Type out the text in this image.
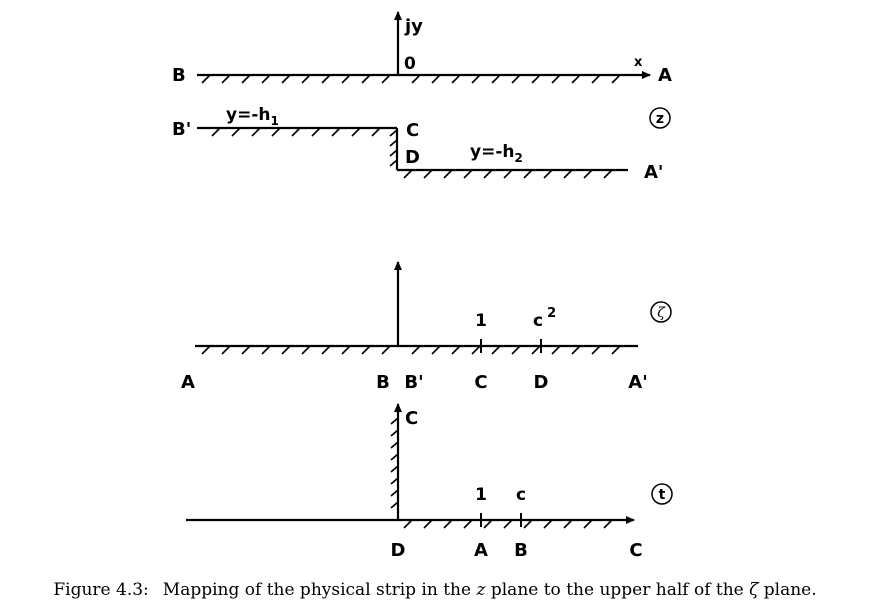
jy
0	x
B	A
$y=-h_1$
$y=-h_2$
B'
A'
C
D
z
1	c $^2$
A	B B'	C	D	A'
ζ
C
1 c
D	A B	C
t
Figure 4.3: Mapping of the physical strip in the z plane to the upper half of the ζ plane.
